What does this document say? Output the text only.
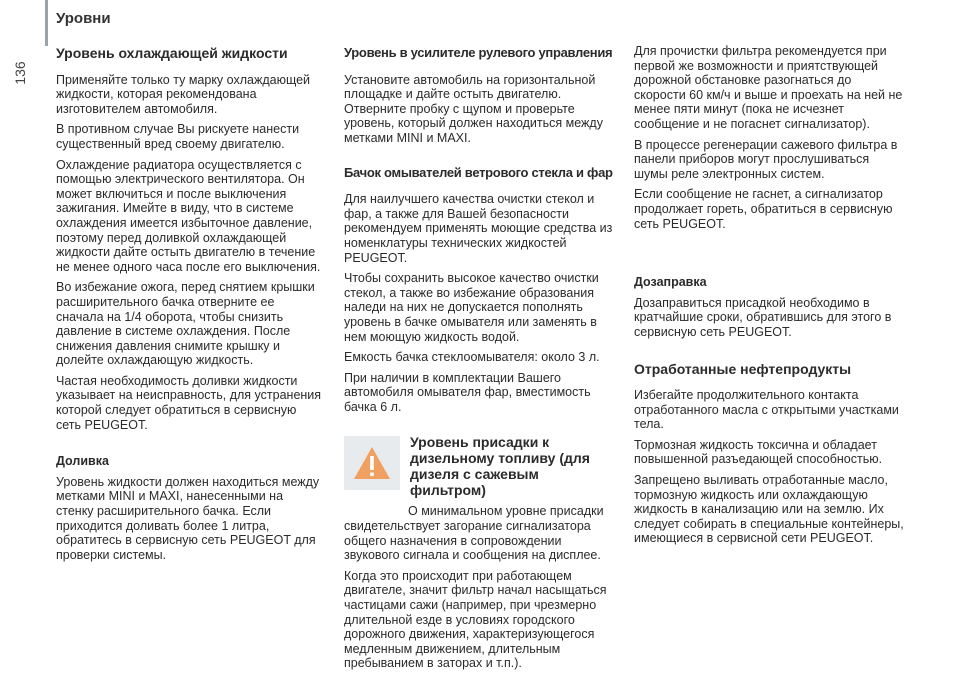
136
Уровни
Уровень охлаждающей жидкости

Применяйте только ту марку охлаждающей жидкости, которая рекомендована изготовителем автомобиля.

В противном случае Вы рискуете нанести существенный вред своему двигателю.

Охлаждение радиатора осуществляется с помощью электрического вентилятора. Он может включиться и после выключения зажигания. Имейте в виду, что в системе охлаждения имеется избыточное давление, поэтому перед доливкой охлаждающей жидкости дайте остыть двигателю в течение не менее одного часа после его выключения.

Во избежание ожога, перед снятием крышки расширительного бачка отверните ее сначала на 1/4 оборота, чтобы снизить давление в системе охлаждения. После снижения давления снимите крышку и долейте охлаждающую жидкость.

Частая необходимость доливки жидкости указывает на неисправность, для устранения которой следует обратиться в сервисную сеть PEUGEOT.

Доливка

Уровень жидкости должен находиться между метками MINI и MAXI, нанесенными на стенку расширительного бачка. Если приходится доливать более 1 литра, обратитесь в сервисную сеть PEUGEOT для проверки системы.

Уровень в усилителе рулевого управления

Установите автомобиль на горизонтальной площадке и дайте остыть двигателю. Отверните пробку с щупом и проверьте уровень, который должен находиться между метками MINI и MAXI.

Бачок омывателей ветрового стекла и фар

Для наилучшего качества очистки стекол и фар, а также для Вашей безопасности рекомендуем применять моющие средства из номенклатуры технических жидкостей PEUGEOT.

Чтобы сохранить высокое качество очистки стекол, а также во избежание образования наледи на них не допускается пополнять уровень в бачке омывателя или заменять в нем моющую жидкость водой.

Емкость бачка стеклоомывателя: около 3 л.

При наличии в комплектации Вашего автомобиля омывателя фар, вместимость бачка 6 л.

Уровень присадки к дизельному топливу (для дизеля с сажевым фильтром)

О минимальном уровне присадки свидетельствует загорание сигнализатора общего назначения в сопровождении звукового сигнала и сообщения на дисплее.

Когда это происходит при работающем двигателе, значит фильтр начал насыщаться частицами сажи (например, при чрезмерно длительной езде в условиях городского дорожного движения, характеризующегося медленным движением, длительным пребыванием в заторах и т.п.).

Для прочистки фильтра рекомендуется при первой же возможности и приятствующей дорожной обстановке разогнаться до скорости 60 км/ч и выше и проехать на ней не менее пяти минут (пока не исчезнет сообщение и не погаснет сигнализатор).

В процессе регенерации сажевого фильтра в панели приборов могут прослушиваться шумы реле электронных систем.

Если сообщение не гаснет, а сигнализатор продолжает гореть, обратиться в сервисную сеть PEUGEOT.

Дозаправка

Дозаправиться присадкой необходимо в кратчайшие сроки, обратившись для этого в сервисную сеть PEUGEOT.

Отработанные нефтепродукты

Избегайте продолжительного контакта отработанного масла с открытыми участками тела.

Тормозная жидкость токсична и обладает повышенной разъедающей способностью.

Запрещено выливать отработанные масло, тормозную жидкость или охлаждающую жидкость в канализацию или на землю. Их следует собирать в специальные контейнеры, имеющиеся в сервисной сети PEUGEOT.
